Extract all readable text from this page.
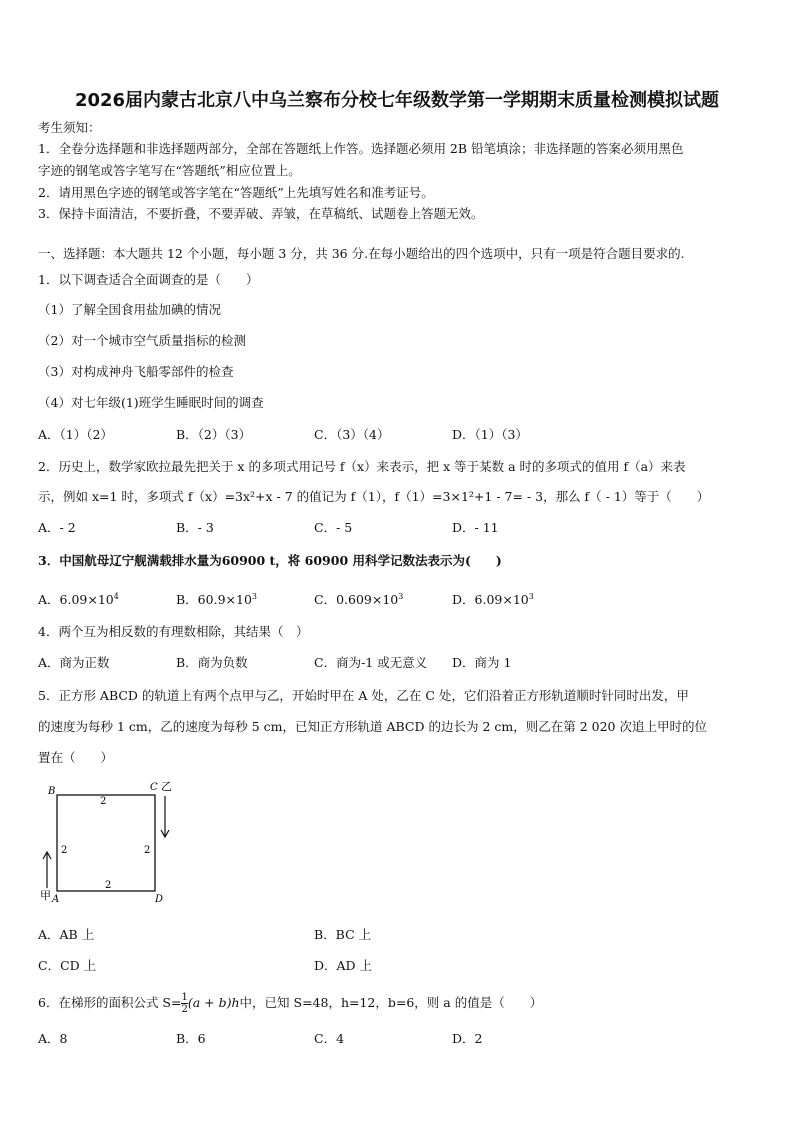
2026届内蒙古北京八中乌兰察布分校七年级数学第一学期期末质量检测模拟试题
考生须知：
1．全卷分选择题和非选择题两部分，全部在答题纸上作答。选择题必须用 2B 铅笔填涂；非选择题的答案必须用黑色
字迹的钢笔或答字笔写在“答题纸”相应位置上。
2．请用黑色字迹的钢笔或答字笔在“答题纸”上先填写姓名和准考证号。
3．保持卡面清洁，不要折叠，不要弄破、弄皱，在草稿纸、试题卷上答题无效。
一、选择题：本大题共 12 个小题，每小题 3 分，共 36 分.在每小题给出的四个选项中，只有一项是符合题目要求的.
1．以下调查适合全面调查的是（　　）
（1）了解全国食用盐加碘的情况
（2）对一个城市空气质量指标的检测
（3）对构成神舟飞船零部件的检查
（4）对七年级(1)班学生睡眠时间的调查
A．（1）（2）	B．（2）（3）	C．（3）（4）	D．（1）（3）
2．历史上，数学家欧拉最先把关于 x 的多项式用记号 f（x）来表示，把 x 等于某数 a 时的多项式的值用 f（a）来表
示，例如 x=1 时，多项式 f（x）=3x²+x - 7 的值记为 f（1），f（1）=3×1²+1 - 7= - 3，那么 f（ - 1）等于（　　）
A．- 2	B．- 3	C．- 5	D．- 11
3．中国航母辽宁舰满载排水量为60900 t，将 60900 用科学记数法表示为(　　)
A．$6.09\times 10^4$	B．$60.9\times 10^3$	C．$0.609\times 10^3$	D．$6.09\times 10^3$
4．两个互为相反数的有理数相除，其结果（　）
A．商为正数	B．商为负数	C．商为-1 或无意义 D．商为 1
5．正方形 ABCD 的轨道上有两个点甲与乙，开始时甲在 A 处，乙在 C 处，它们沿着正方形轨道顺时针同时出发，甲
的速度为每秒 1 cm，乙的速度为每秒 5 cm，已知正方形轨道 ABCD 的边长为 2 cm，则乙在第 2 020 次追上甲时的位
置在（　　）
B	C 乙
A
甲	D
2
2	2
2
A．AB 上	B．BC 上
C．CD 上	D．AD 上
6．在梯形的面积公式 $S= \frac{1}{2} (a + b)h$中，已知 S=48，h=12，b=6，则 a 的值是（　　）
A．8	B．6	C．4	D．2
